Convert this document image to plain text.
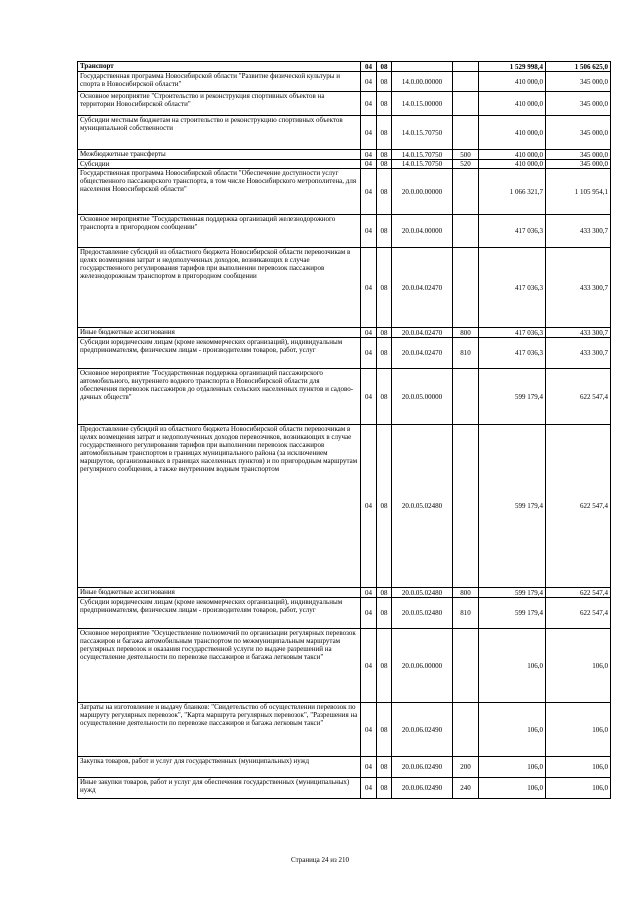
Транспорт	04	08			1 529 998,4	1 506 625,0
Государственная программа Новосибирской области "Развитие физической культуры и спорта в Новосибирской области"	04	08	14.0.00.00000		410 000,0	345 000,0
Основное мероприятие "Строительство и реконструкция спортивных объектов на территории Новосибирской области"	04	08	14.0.15.00000		410 000,0	345 000,0
Субсидии местным бюджетам на строительство и реконструкцию спортивных объектов муниципальной собственности	04	08	14.0.15.70750		410 000,0	345 000,0
Межбюджетные трансферты	04	08	14.0.15.70750	500	410 000,0	345 000,0
Субсидии	04	08	14.0.15.70750	520	410 000,0	345 000,0
Государственная программа Новосибирской области "Обеспечение доступности услуг общественного пассажирского транспорта, в том числе Новосибирского метрополитена, для населения Новосибирской области"	04	08	20.0.00.00000		1 066 321,7	1 105 954,1
Основное мероприятие "Государственная поддержка организаций железнодорожного транспорта в пригородном сообщении"	04	08	20.0.04.00000		417 036,3	433 300,7
Предоставление субсидий из областного бюджета Новосибирской области перевозчикам в целях возмещения затрат и недополученных доходов, возникающих в случае государственного регулирования тарифов при выполнении перевозок пассажиров железнодорожным транспортом в пригородном сообщении	04	08	20.0.04.02470		417 036,3	433 300,7
Иные бюджетные ассигнования	04	08	20.0.04.02470	800	417 036,3	433 300,7
Субсидии юридическим лицам (кроме некоммерческих организаций), индивидуальным предпринимателям, физическим лицам - производителям товаров, работ, услуг	04	08	20.0.04.02470	810	417 036,3	433 300,7
Основное мероприятие "Государственная поддержка организаций пассажирского автомобильного, внутреннего водного транспорта в Новосибирской области для обеспечения перевозок пассажиров до отдаленных сельских населенных пунктов и садово-дачных обществ"	04	08	20.0.05.00000		599 179,4	622 547,4
Предоставление субсидий из областного бюджета Новосибирской области перевозчикам в целях возмещения затрат и недополученных доходов перевозчиков, возникающих в случае государственного регулирования тарифов при выполнении перевозок пассажиров автомобильным транспортом в границах муниципального района (за исключением маршрутов, организованных в границах населенных пунктов) и по пригородным маршрутам регулярного сообщения, а также внутренним водным транспортом	04	08	20.0.05.02480		599 179,4	622 547,4
Иные бюджетные ассигнования	04	08	20.0.05.02480	800	599 179,4	622 547,4
Субсидии юридическим лицам (кроме некоммерческих организаций), индивидуальным предпринимателям, физическим лицам - производителям товаров, работ, услуг	04	08	20.0.05.02480	810	599 179,4	622 547,4
Основное мероприятие "Осуществление полномочий по организации регулярных перевозок пассажиров и багажа автомобильным транспортом по межмуниципальным маршрутам регулярных перевозок и оказания государственной услуги по выдаче разрешений на осуществление деятельности по перевозке пассажиров и багажа легковым такси"	04	08	20.0.06.00000		106,0	106,0
Затраты на изготовление и выдачу бланков: "Свидетельство об осуществлении перевозок по маршруту регулярных перевозок", "Карта маршрута регулярных перевозок", "Разрешения на осуществление деятельности по перевозке пассажиров и багажа легковым такси"	04	08	20.0.06.02490		106,0	106,0
Закупка товаров, работ и услуг для государственных (муниципальных) нужд	04	08	20.0.06.02490	200	106,0	106,0
Иные закупки товаров, работ и услуг для обеспечения государственных (муниципальных) нужд	04	08	20.0.06.02490	240	106,0	106,0
Страница 24 из 210
